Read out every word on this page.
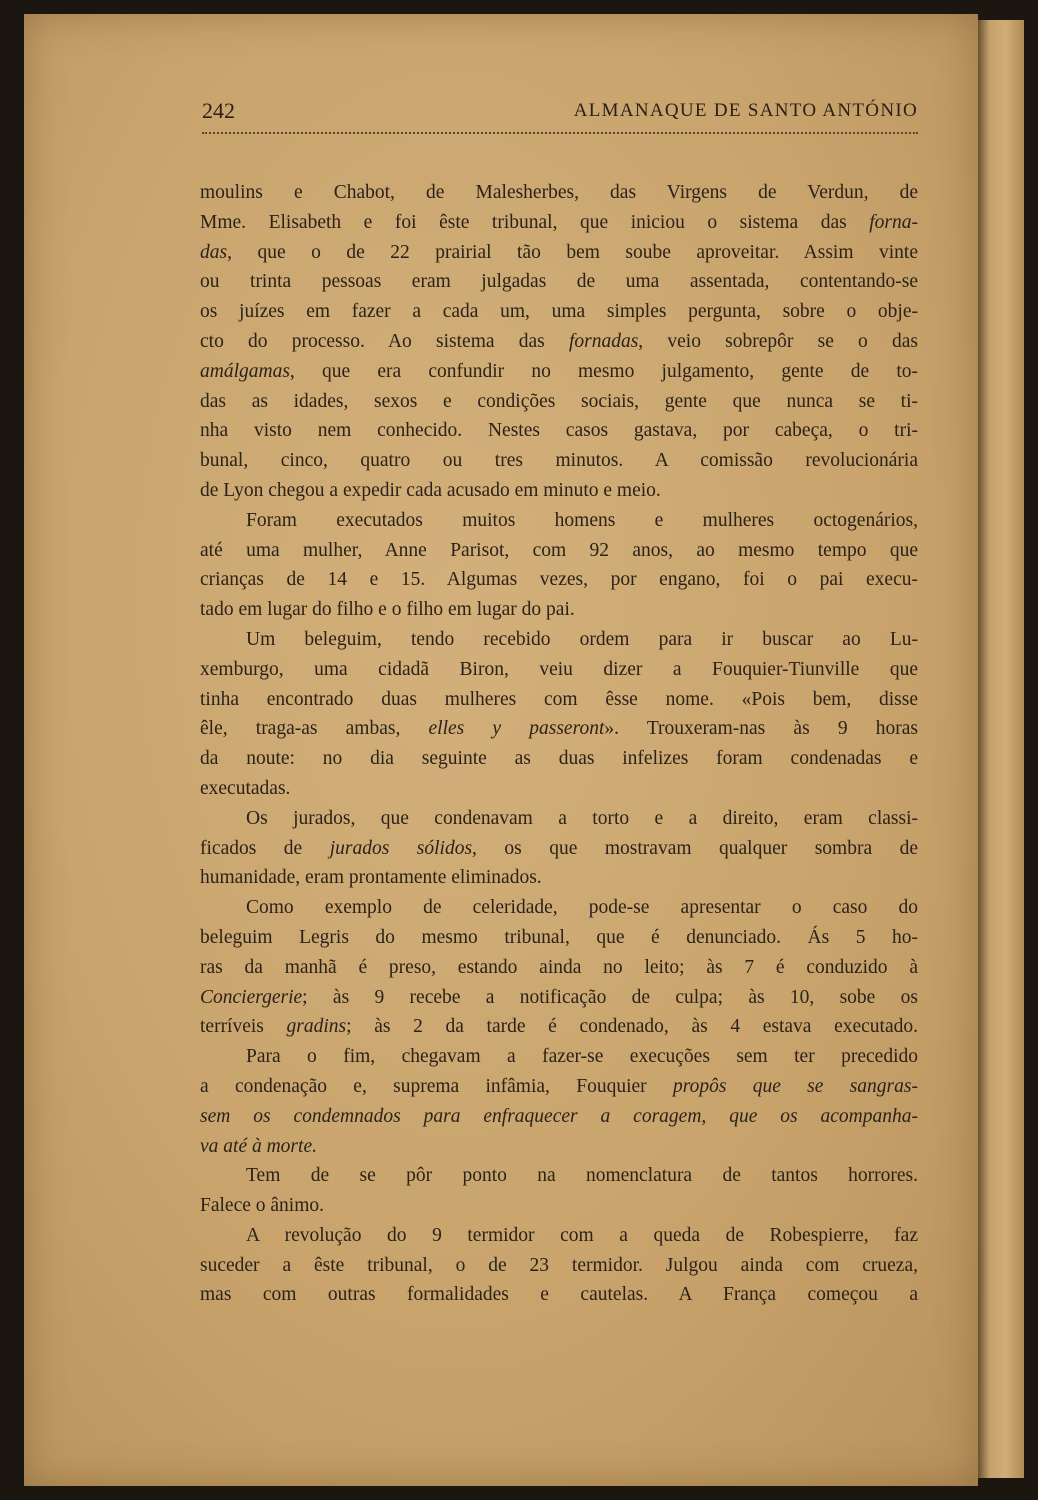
242	ALMANAQUE DE SANTO ANTÓNIO
moulins e Chabot, de Malesherbes, das Virgens de Verdun, de
Mme. Elisabeth e foi êste tribunal, que iniciou o sistema das forna-
das, que o de 22 prairial tão bem soube aproveitar. Assim vinte
ou trinta pessoas eram julgadas de uma assentada, contentando-se
os juízes em fazer a cada um, uma simples pergunta, sobre o obje-
cto do processo. Ao sistema das fornadas, veio sobrepôr se o das
amálgamas, que era confundir no mesmo julgamento, gente de to-
das as idades, sexos e condições sociais, gente que nunca se ti-
nha visto nem conhecido. Nestes casos gastava, por cabeça, o tri-
bunal, cinco, quatro ou tres minutos. A comissão revolucionária
de Lyon chegou a expedir cada acusado em minuto e meio.
Foram executados muitos homens e mulheres octogenários,
até uma mulher, Anne Parisot, com 92 anos, ao mesmo tempo que
crianças de 14 e 15. Algumas vezes, por engano, foi o pai execu-
tado em lugar do filho e o filho em lugar do pai.
Um beleguim, tendo recebido ordem para ir buscar ao Lu-
xemburgo, uma cidadã Biron, veiu dizer a Fouquier-Tiunville que
tinha encontrado duas mulheres com êsse nome. «Pois bem, disse
êle, traga-as ambas, elles y passeront». Trouxeram-nas às 9 horas
da noute: no dia seguinte as duas infelizes foram condenadas e
executadas.
Os jurados, que condenavam a torto e a direito, eram classi-
ficados de jurados sólidos, os que mostravam qualquer sombra de
humanidade, eram prontamente eliminados.
Como exemplo de celeridade, pode-se apresentar o caso do
beleguim Legris do mesmo tribunal, que é denunciado. Ás 5 ho-
ras da manhã é preso, estando ainda no leito; às 7 é conduzido à
Conciergerie; às 9 recebe a notificação de culpa; às 10, sobe os
terríveis gradins; às 2 da tarde é condenado, às 4 estava executado.
Para o fim, chegavam a fazer-se execuções sem ter precedido
a condenação e, suprema infâmia, Fouquier propôs que se sangras-
sem os condemnados para enfraquecer a coragem, que os acompanha-
va até à morte.
Tem de se pôr ponto na nomenclatura de tantos horrores.
Falece o ânimo.
A revolução do 9 termidor com a queda de Robespierre, faz
suceder a êste tribunal, o de 23 termidor. Julgou ainda com crueza,
mas com outras formalidades e cautelas. A França começou a
